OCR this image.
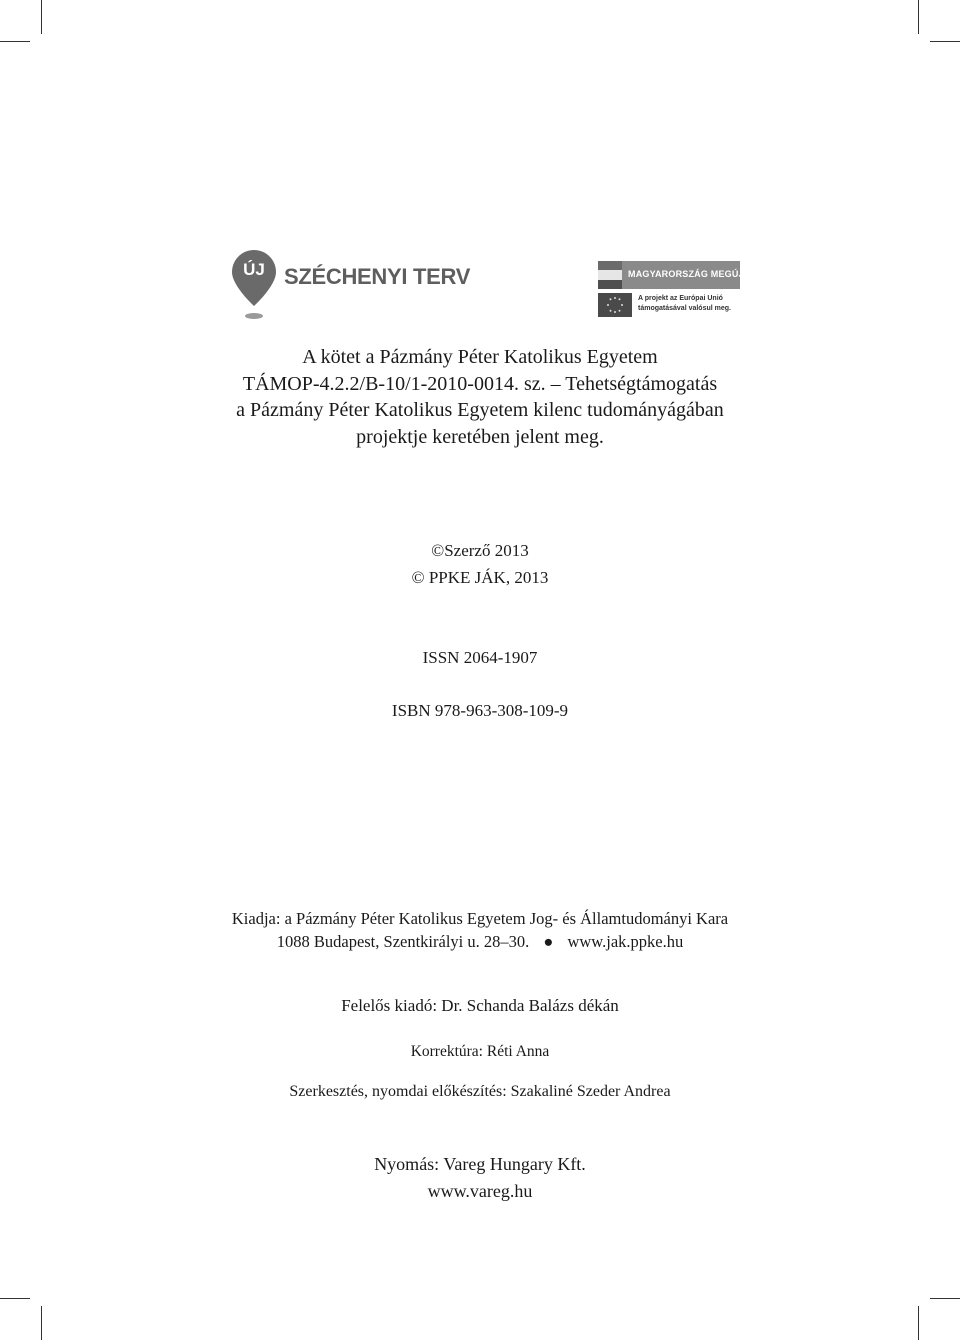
ÚJ SZÉCHENYI TERV	MAGYARORSZÁG MEGÚJUL
A projekt az Európai Unió támogatásával valósul meg.
A kötet a Pázmány Péter Katolikus Egyetem
TÁMOP-4.2.2/B-10/1-2010-0014. sz. – Tehetségtámogatás
a Pázmány Péter Katolikus Egyetem kilenc tudományágában
projektje keretében jelent meg.
©Szerző 2013
© PPKE JÁK, 2013
ISSN 2064-1907
ISBN 978-963-308-109-9
Kiadja: a Pázmány Péter Katolikus Egyetem Jog- és Államtudományi Kara
1088 Budapest, Szentkirályi u. 28–30. ● www.jak.ppke.hu
Felelős kiadó: Dr. Schanda Balázs dékán
Korrektúra: Réti Anna
Szerkesztés, nyomdai előkészítés: Szakaliné Szeder Andrea
Nyomás: Vareg Hungary Kft.
www.vareg.hu
